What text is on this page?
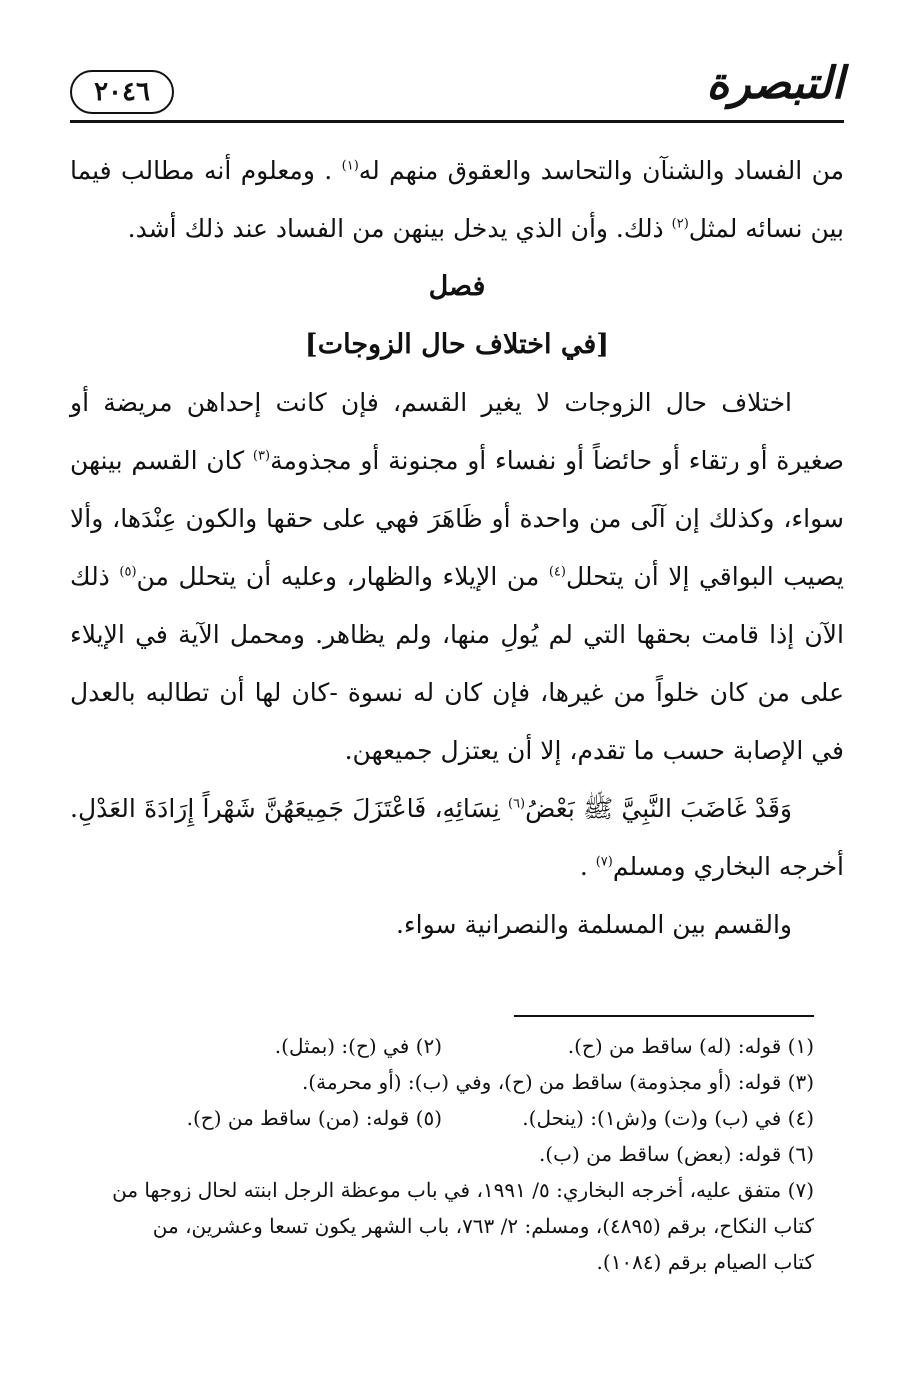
التبصرة
٢٠٤٦

من الفساد والشنآن والتحاسد والعقوق منهم له$^{(١)}$ . ومعلوم أنه مطالب فيما بين نسائه لمثل$^{(٢)}$ ذلك. وأن الذي يدخل بينهن من الفساد عند ذلك أشد.

فصل

[في اختلاف حال الزوجات]

اختلاف حال الزوجات لا يغير القسم، فإن كانت إحداهن مريضة أو صغيرة أو رتقاء أو حائضاً أو نفساء أو مجنونة أو مجذومة$^{(٣)}$ كان القسم بينهن سواء، وكذلك إن آلَى من واحدة أو ظَاهَرَ فهي على حقها والكون عِنْدَها، وألا يصيب البواقي إلا أن يتحلل$^{(٤)}$ من الإيلاء والظهار، وعليه أن يتحلل من$^{(٥)}$ ذلك الآن إذا قامت بحقها التي لم يُولِ منها، ولم يظاهر. ومحمل الآية في الإيلاء على من كان خلواً من غيرها، فإن كان له نسوة -كان لها أن تطالبه بالعدل في الإصابة حسب ما تقدم، إلا أن يعتزل جميعهن.

وَقَدْ غَاضَبَ النَّبِيَّ ﷺ بَعْضُ$^{(٦)}$ نِسَائِهِ، فَاعْتَزَلَ جَمِيعَهُنَّ شَهْراً إِرَادَةَ العَدْلِ. أخرجه البخاري ومسلم$^{(٧)}$ .

والقسم بين المسلمة والنصرانية سواء.

(١) قوله: (له) ساقط من (ح).
(٢) في (ح): (بمثل).

(٣) قوله: (أو مجذومة) ساقط من (ح)، وفي (ب): (أو محرمة).

(٤) في (ب) و(ت) و(ش١): (ينحل).
(٥) قوله: (من) ساقط من (ح).

(٦) قوله: (بعض) ساقط من (ب).

(٧) متفق عليه، أخرجه البخاري: ٥/ ١٩٩١، في باب موعظة الرجل ابنته لحال زوجها من

كتاب النكاح، برقم (٤٨٩٥)، ومسلم: ٢/ ٧٦٣، باب الشهر يكون تسعا وعشرين، من

كتاب الصيام برقم (١٠٨٤).
